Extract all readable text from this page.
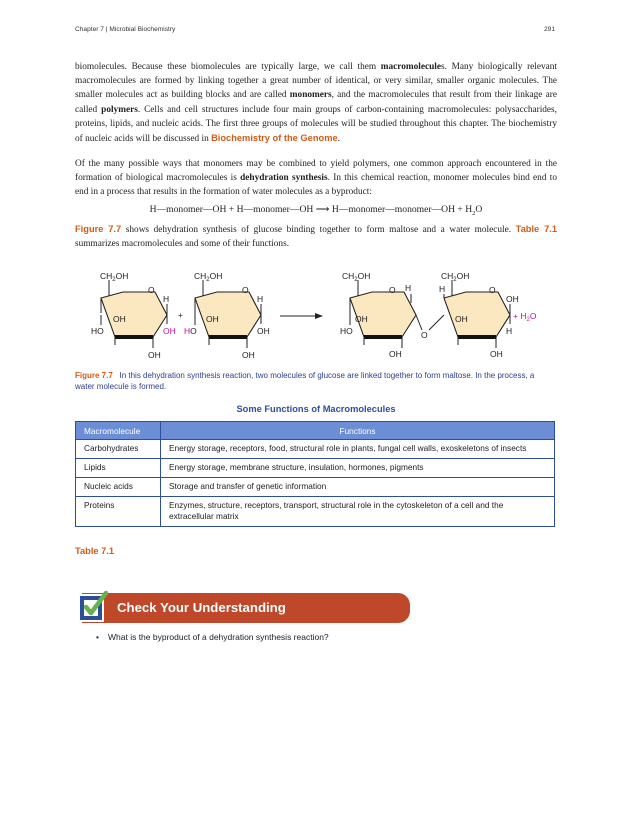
Chapter 7 | Microbial Biochemistry	291
biomolecules. Because these biomolecules are typically large, we call them macromolecules. Many biologically relevant macromolecules are formed by linking together a great number of identical, or very similar, smaller organic molecules. The smaller molecules act as building blocks and are called monomers, and the macromolecules that result from their linkage are called polymers. Cells and cell structures include four main groups of carbon-containing macromolecules: polysaccharides, proteins, lipids, and nucleic acids. The first three groups of molecules will be studied throughout this chapter. The biochemistry of nucleic acids will be discussed in Biochemistry of the Genome.
Of the many possible ways that monomers may be combined to yield polymers, one common approach encountered in the formation of biological macromolecules is dehydration synthesis. In this chemical reaction, monomer molecules bind end to end in a process that results in the formation of water molecules as a byproduct:
H—monomer—OH + H—monomer—OH ⟶ H—monomer—monomer—OH + $H_2O$
Figure 7.7 shows dehydration synthesis of glucose binding together to form maltose and a water molecule. Table 7.1 summarizes macromolecules and some of their functions.
$CH_2OH$
O
H
OH
HO	OH
OH
+
$CH_2OH$
O
H
OH
HO	OH
OH
$CH_2OH$
O H
OH
HO
OH
O
$CH_2OH$
H	O
OH
OH
H
OH
+ $H_2O$
Figure 7.7 In this dehydration synthesis reaction, two molecules of glucose are linked together to form maltose. In the process, a water molecule is formed.
Some Functions of Macromolecules
Macromolecule	Functions
Carbohydrates	Energy storage, receptors, food, structural role in plants, fungal cell walls, exoskeletons of insects
Lipids	Energy storage, membrane structure, insulation, hormones, pigments
Nucleic acids	Storage and transfer of genetic information
Proteins	Enzymes, structure, receptors, transport, structural role in the cytoskeleton of a cell and the extracellular matrix
Table 7.1
Check Your Understanding
• What is the byproduct of a dehydration synthesis reaction?
